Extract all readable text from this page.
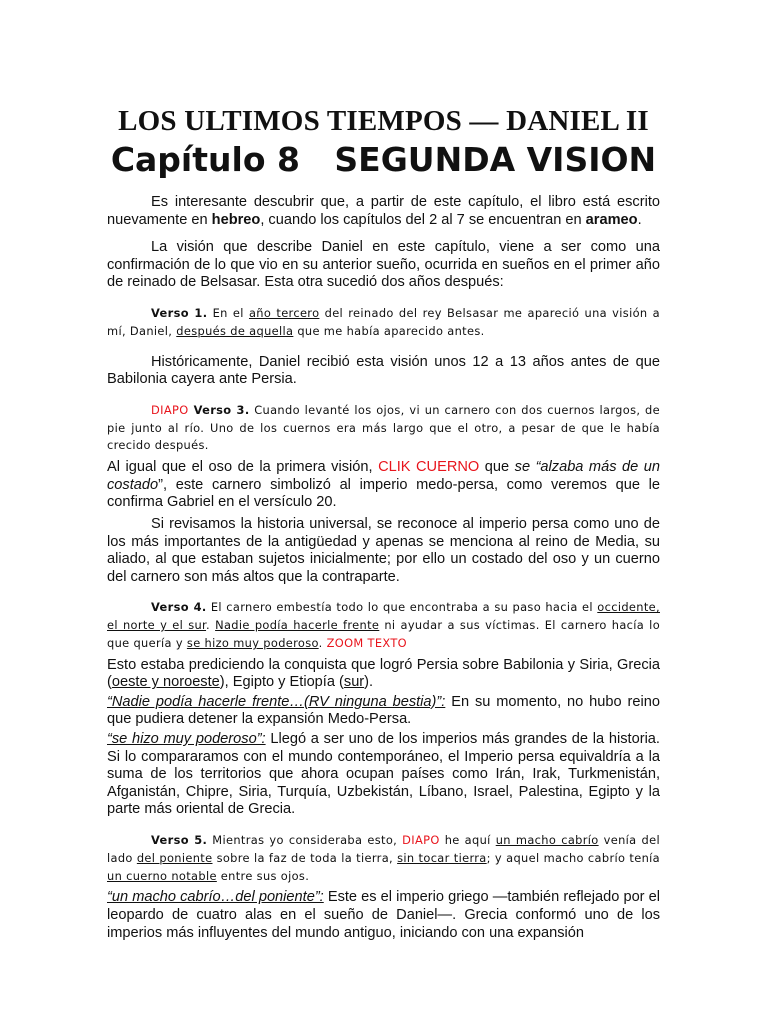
LOS ULTIMOS TIEMPOS — DANIEL II
Capítulo 8   SEGUNDA VISION

Es interesante descubrir que, a partir de este capítulo, el libro está escrito nuevamente en hebreo, cuando los capítulos del 2 al 7 se encuentran en arameo.

La visión que describe Daniel en este capítulo, viene a ser como una confirmación de lo que vio en su anterior sueño, ocurrida en sueños en el primer año de reinado de Belsasar. Esta otra sucedió dos años después:

Verso 1. En el año tercero del reinado del rey Belsasar me apareció una visión a mí, Daniel, después de aquella que me había aparecido antes.

Históricamente, Daniel recibió esta visión unos 12 a 13 años antes de que Babilonia cayera ante Persia.

DIAPO Verso 3. Cuando levanté los ojos, vi un carnero con dos cuernos largos, de pie junto al río. Uno de los cuernos era más largo que el otro, a pesar de que le había crecido después.

Al igual que el oso de la primera visión, CLIK CUERNO que se “alzaba más de un costado”, este carnero simbolizó al imperio medo-persa, como veremos que le confirma Gabriel en el versículo 20.

Si revisamos la historia universal, se reconoce al imperio persa como uno de los más importantes de la antigüedad y apenas se menciona al reino de Media, su aliado, al que estaban sujetos inicialmente; por ello un costado del oso y un cuerno del carnero son más altos que la contraparte.

Verso 4. El carnero embestía todo lo que encontraba a su paso hacia el occidente, el norte y el sur. Nadie podía hacerle frente ni ayudar a sus víctimas. El carnero hacía lo que quería y se hizo muy poderoso. ZOOM TEXTO

Esto estaba prediciendo la conquista que logró Persia sobre Babilonia y Siria, Grecia (oeste y noroeste), Egipto y Etiopía (sur).

“Nadie podía hacerle frente…(RV ninguna bestia)”: En su momento, no hubo reino que pudiera detener la expansión Medo-Persa.

“se hizo muy poderoso”: Llegó a ser uno de los imperios más grandes de la historia. Si lo compararamos con el mundo contemporáneo, el Imperio persa equivaldría a la suma de los territorios que ahora ocupan países como Irán, Irak, Turkmenistán, Afganistán, Chipre, Siria, Turquía, Uzbekistán, Líbano, Israel, Palestina, Egipto y la parte más oriental de Grecia.

Verso 5. Mientras yo consideraba esto, DIAPO he aquí un macho cabrío venía del lado del poniente sobre la faz de toda la tierra, sin tocar tierra; y aquel macho cabrío tenía un cuerno notable entre sus ojos.

“un macho cabrío…del poniente”: Este es el imperio griego —también reflejado por el leopardo de cuatro alas en el sueño de Daniel—. Grecia conformó uno de los imperios más influyentes del mundo antiguo, iniciando con una expansión
